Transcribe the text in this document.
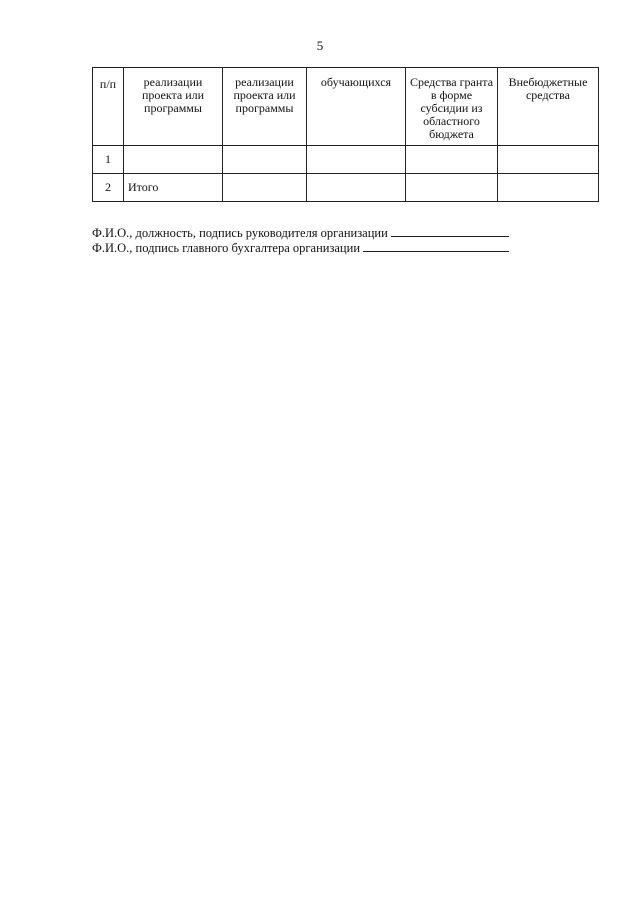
5
п/п	реализации проекта или программы	реализации проекта или программы	обучающихся	Средства гранта в форме субсидии из областного бюджета	Внебюджетные средства
1					
2	Итого				
Ф.И.О., должность, подпись руководителя организации
Ф.И.О., подпись главного бухгалтера организации
